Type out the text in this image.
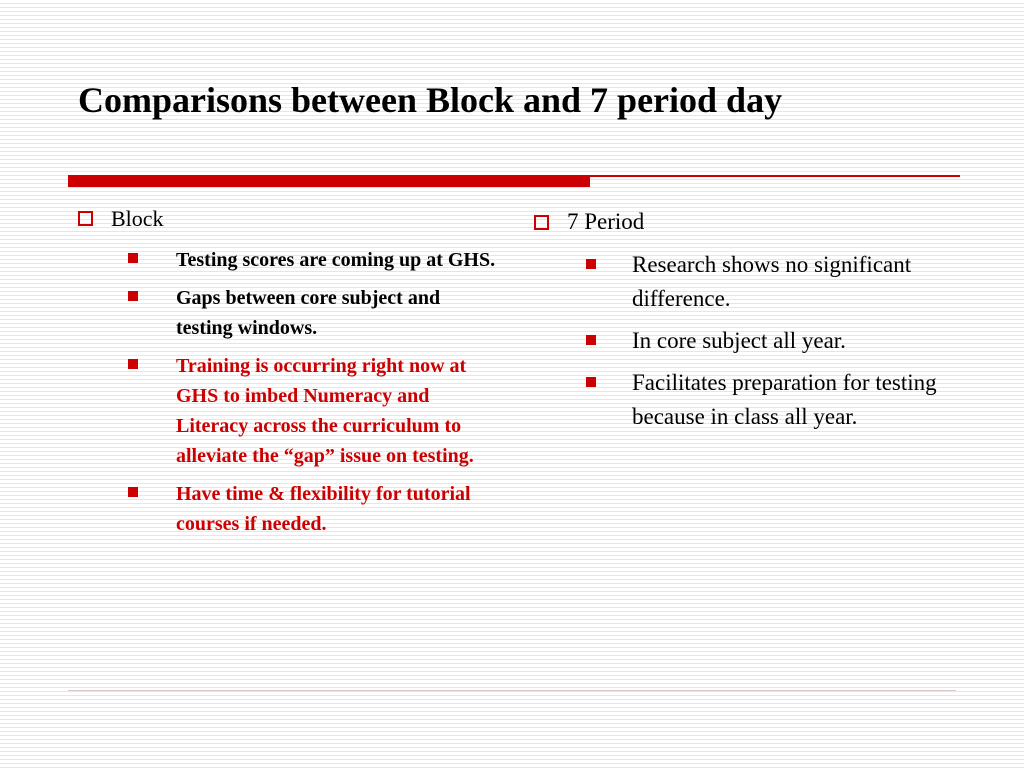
Comparisons between Block and 7 period day
Block
Testing scores are coming up at GHS.
Gaps between core subject and testing windows.
Training is occurring right now at GHS to imbed Numeracy and Literacy across the curriculum to alleviate the “gap” issue on testing.
Have time & flexibility for tutorial courses if needed.
7 Period
Research shows no significant difference.
In core subject all year.
Facilitates preparation for testing because in class all year.
